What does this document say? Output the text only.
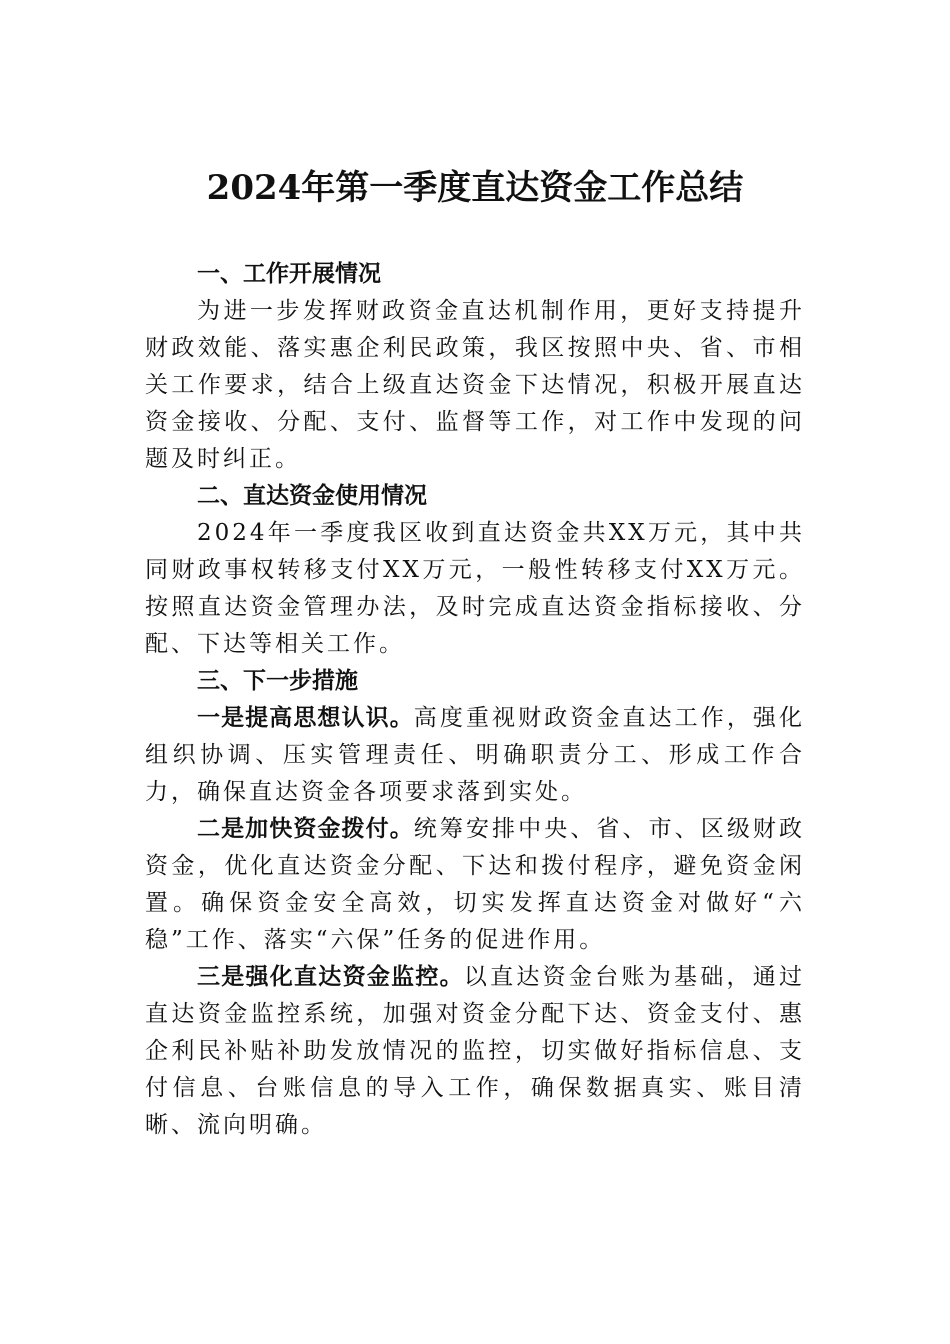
2024年第一季度直达资金工作总结

一、工作开展情况

为进一步发挥财政资金直达机制作用，更好支持提升财政效能、落实惠企利民政策，我区按照中央、省、市相关工作要求，结合上级直达资金下达情况，积极开展直达资金接收、分配、支付、监督等工作，对工作中发现的问题及时纠正。

二、直达资金使用情况

2024年一季度我区收到直达资金共XX万元，其中共同财政事权转移支付XX万元，一般性转移支付XX万元。按照直达资金管理办法，及时完成直达资金指标接收、分配、下达等相关工作。

三、下一步措施

一是提高思想认识。高度重视财政资金直达工作，强化组织协调、压实管理责任、明确职责分工、形成工作合力，确保直达资金各项要求落到实处。

二是加快资金拨付。统筹安排中央、省、市、区级财政资金，优化直达资金分配、下达和拨付程序，避免资金闲置。确保资金安全高效，切实发挥直达资金对做好“六稳”工作、落实“六保”任务的促进作用。

三是强化直达资金监控。以直达资金台账为基础，通过直达资金监控系统，加强对资金分配下达、资金支付、惠企利民补贴补助发放情况的监控，切实做好指标信息、支付信息、台账信息的导入工作，确保数据真实、账目清晰、流向明确。
